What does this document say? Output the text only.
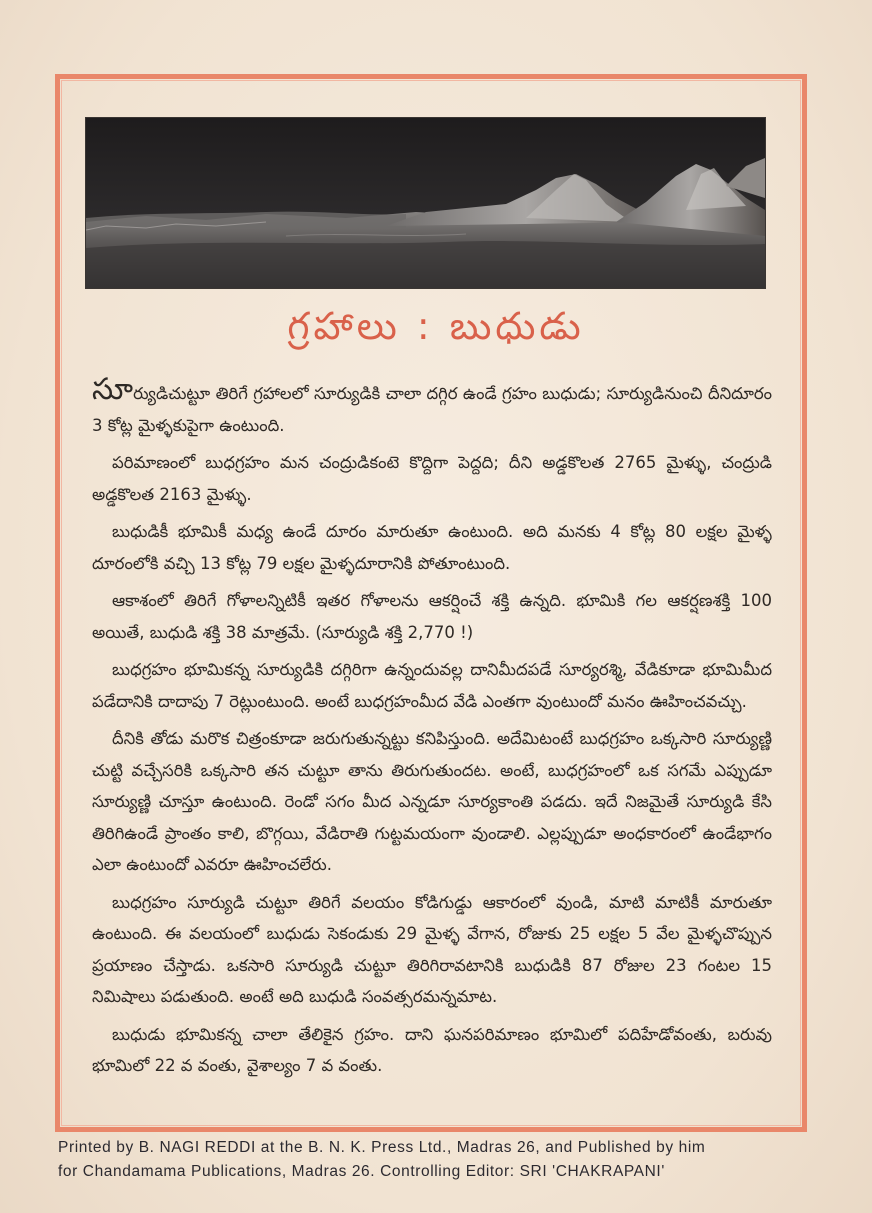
గ్రహాలు : బుధుడు

సూర్యుడిచుట్టూ తిరిగే గ్రహాలలో సూర్యుడికి చాలా దగ్గిర ఉండే గ్రహం బుధుడు; సూర్యుడినుంచి దీనిదూరం 3 కోట్ల మైళ్ళకుపైగా ఉంటుంది.

పరిమాణంలో బుధగ్రహం మన చంద్రుడికంటె కొద్దిగా పెద్దది; దీని అడ్డకొలత 2765 మైళ్ళు, చంద్రుడి అడ్డకొలత 2163 మైళ్ళు.

బుధుడికీ భూమికీ మధ్య ఉండే దూరం మారుతూ ఉంటుంది. అది మనకు 4 కోట్ల 80 లక్షల మైళ్ళ దూరంలోకి వచ్చి 13 కోట్ల 79 లక్షల మైళ్ళదూరానికి పోతూంటుంది.

ఆకాశంలో తిరిగే గోళాలన్నిటికీ ఇతర గోళాలను ఆకర్షించే శక్తి ఉన్నది. భూమికి గల ఆకర్షణశక్తి 100 అయితే, బుధుడి శక్తి 38 మాత్రమే. (సూర్యుడి శక్తి 2,770 !)

బుధగ్రహం భూమికన్న సూర్యుడికి దగ్గిరిగా ఉన్నందువల్ల దానిమీదపడే సూర్యరశ్మి, వేడికూడా భూమిమీద పడేదానికి దాదాపు 7 రెట్లుంటుంది. అంటే బుధగ్రహంమీద వేడి ఎంతగా వుంటుందో మనం ఊహించవచ్చు.

దీనికి తోడు మరొక చిత్రంకూడా జరుగుతున్నట్టు కనిపిస్తుంది. అదేమిటంటే బుధగ్రహం ఒక్కసారి సూర్యుణ్ణి చుట్టి వచ్చేసరికి ఒక్కసారి తన చుట్టూ తాను తిరుగుతుందట. అంటే, బుధగ్రహంలో ఒక సగమే ఎప్పుడూ సూర్యుణ్ణి చూస్తూ ఉంటుంది. రెండో సగం మీద ఎన్నడూ సూర్యకాంతి పడదు. ఇదే నిజమైతే సూర్యుడి కేసి తిరిగిఉండే ప్రాంతం కాలి, బొగ్గయి, వేడిరాతి గుట్టమయంగా వుండాలి. ఎల్లప్పుడూ అంధకారంలో ఉండేభాగం ఎలా ఉంటుందో ఎవరూ ఊహించలేరు.

బుధగ్రహం సూర్యుడి చుట్టూ తిరిగే వలయం కోడిగుడ్డు ఆకారంలో వుండి, మాటి మాటికీ మారుతూ ఉంటుంది. ఈ వలయంలో బుధుడు సెకండుకు 29 మైళ్ళ వేగాన, రోజుకు 25 లక్షల 5 వేల మైళ్ళచొప్పున ప్రయాణం చేస్తాడు. ఒకసారి సూర్యుడి చుట్టూ తిరిగిరావటానికి బుధుడికి 87 రోజుల 23 గంటల 15 నిమిషాలు పడుతుంది. అంటే అది బుధుడి సంవత్సరమన్నమాట.

బుధుడు భూమికన్న చాలా తేలికైన గ్రహం. దాని ఘనపరిమాణం భూమిలో పదిహేడోవంతు, బరువు భూమిలో 22 వ వంతు, వైశాల్యం 7 వ వంతు.

Printed by B. NAGI REDDI at the B. N. K. Press Ltd., Madras 26, and Published by him
for Chandamama Publications, Madras 26. Controlling Editor: SRI 'CHAKRAPANI'
